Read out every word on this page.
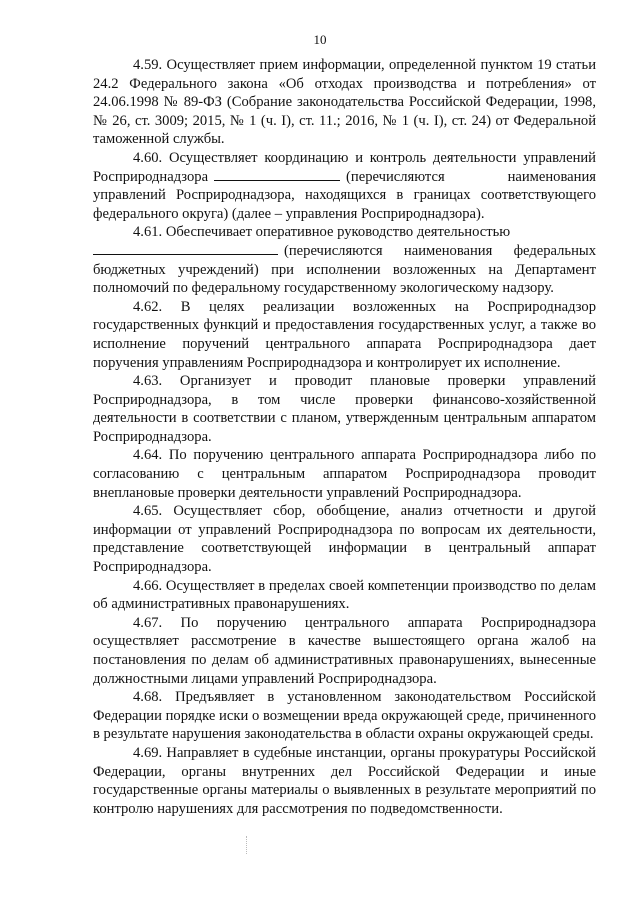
10

4.59. Осуществляет прием информации, определенной пунктом 19 статьи 24.2 Федерального закона «Об отходах производства и потребления» от 24.06.1998 № 89-ФЗ (Собрание законодательства Российской Федерации, 1998, № 26, ст. 3009; 2015, № 1 (ч. I), ст. 11.; 2016, № 1 (ч. I), ст. 24) от Федеральной таможенной службы.

4.60. Осуществляет координацию и контроль деятельности управлений Росприроднадзора	(перечисляются наименования управлений Росприроднадзора, находящихся в границах соответствующего федерального округа) (далее – управления Росприроднадзора).

4.61. Обеспечивает оперативное руководство деятельностью
(перечисляются наименования федеральных бюджетных учреждений) при исполнении возложенных на Департамент полномочий по федеральному государственному экологическому надзору.

4.62. В целях реализации возложенных на Росприроднадзор государственных функций и предоставления государственных услуг, а также во исполнение поручений центрального аппарата Росприроднадзора дает поручения управлениям Росприроднадзора и контролирует их исполнение.

4.63. Организует и проводит плановые проверки управлений Росприроднадзора, в том числе проверки финансово-хозяйственной деятельности в соответствии с планом, утвержденным центральным аппаратом Росприроднадзора.

4.64. По поручению центрального аппарата Росприроднадзора либо по согласованию с центральным аппаратом Росприроднадзора проводит внеплановые проверки деятельности управлений Росприроднадзора.

4.65. Осуществляет сбор, обобщение, анализ отчетности и другой информации от управлений Росприроднадзора по вопросам их деятельности, представление соответствующей информации в центральный аппарат Росприроднадзора.

4.66. Осуществляет в пределах своей компетенции производство по делам об административных правонарушениях.

4.67. По поручению центрального аппарата Росприроднадзора осуществляет рассмотрение в качестве вышестоящего органа жалоб на постановления по делам об административных правонарушениях, вынесенные должностными лицами управлений Росприроднадзора.

4.68. Предъявляет в установленном законодательством Российской Федерации порядке иски о возмещении вреда окружающей среде, причиненного в результате нарушения законодательства в области охраны окружающей среды.

4.69. Направляет в судебные инстанции, органы прокуратуры Российской Федерации, органы внутренних дел Российской Федерации и иные государственные органы материалы о выявленных в результате мероприятий по контролю нарушениях для рассмотрения по подведомственности.
